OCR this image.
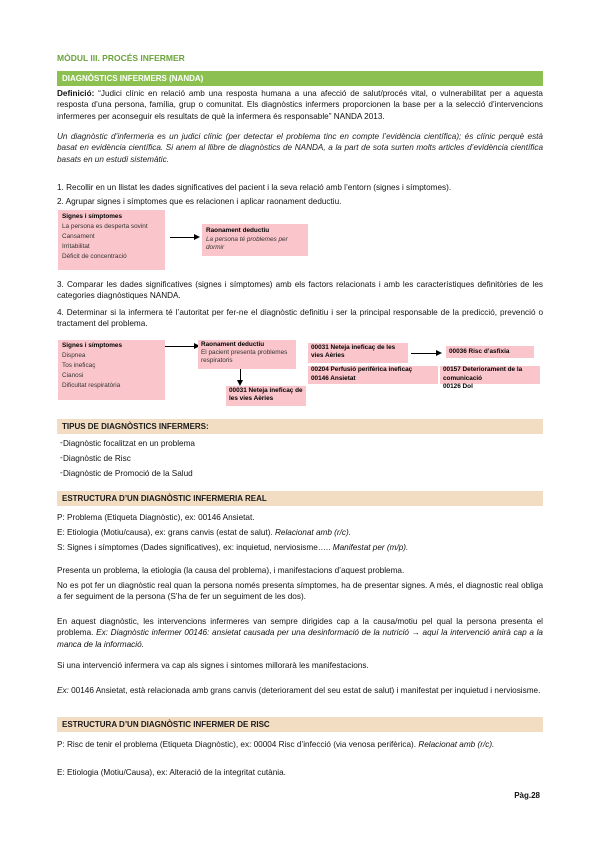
MÒDUL III. PROCÉS INFERMER
DIAGNÒSTICS INFERMERS (NANDA)
Definició: “Judici clínic en relació amb una resposta humana a una afecció de salut/procés vital, o vulnerabilitat per a aquesta resposta d’una persona, família, grup o comunitat. Els diagnòstics infermers proporcionen la base per a la selecció d’intervencions infermeres per aconseguir els resultats de què la infermera és responsable” NANDA 2013.
Un diagnòstic d’infermeria es un judici clínic (per detectar el problema tinc en compte l’evidència científica); és clínic perquè està basat en evidència científica. Si anem al llibre de diagnòstics de NANDA, a la part de sota surten molts articles d’evidència científica basats en un estudi sistemàtic.
1. Recollir en un llistat les dades significatives del pacient i la seva relació amb l’entorn (signes i símptomes).
2. Agrupar signes i símptomes que es relacionen i aplicar raonament deductiu.
Signes i símptomes
La persona es desperta sovint
Cansament
Irritabilitat
Dèficit de concentració
Raonament deductiu
La persona té problemes per dormir
3. Comparar les dades significatives (signes i símptomes) amb els factors relacionats i amb les característiques definitòries de les categories diagnòstiques NANDA.
4. Determinar si la infermera té l’autoritat per fer-ne el diagnòstic definitiu i ser la principal responsable de la predicció, prevenció o tractament del problema.
Signes i símptomes
Dispnea
Tos ineficaç
Cianosi
Dificultat respiratòria
Raonament deductiu
El pacient presenta problemes respiratoris
00031 Neteja ineficaç de les vies Aèries
00031 Neteja ineficaç de les vies Aèries
00036 Risc d’asfixia
00204 Perfusió perifèrica ineficaç
00146 Ansietat
00157 Deteriorament de la comunicació
00126 Dol
TIPUS DE DIAGNÒSTICS INFERMERS:
- Diagnòstic focalitzat en un problema
- Diagnòstic de Risc
- Diagnòstic de Promoció de la Salud
ESTRUCTURA D’UN DIAGNÒSTIC INFERMERIA REAL
P: Problema (Etiqueta Diagnòstic), ex: 00146 Ansietat.
E: Etiologia (Motiu/causa), ex: grans canvis (estat de salut). Relacionat amb (r/c).
S: Signes i símptomes (Dades significatives), ex: inquietud, nerviosisme….. Manifestat per (m/p).
Presenta un problema, la etiologia (la causa del problema), i manifestacions d’aquest problema.
No es pot fer un diagnòstic real quan la persona només presenta símptomes, ha de presentar signes. A més, el diagnostic real obliga a fer seguiment de la persona (S’ha de fer un seguiment de les dos).
En aquest diagnòstic, les intervencions infermeres van sempre dirigides cap a la causa/motiu pel qual la persona presenta el problema. Ex: Diagnòstic infermer 00146: ansietat causada per una desinformació de la nutrició → aquí la intervenció anirà cap a la manca de la informació.
Si una intervenció infermera va cap als signes i sintomes millorarà les manifestacions.
Ex: 00146 Ansietat, està relacionada amb grans canvis (deteriorament del seu estat de salut) i manifestat per inquietud i nerviosisme.
ESTRUCTURA D’UN DIAGNÒSTIC INFERMER DE RISC
P: Risc de tenir el problema (Etiqueta Diagnòstic), ex: 00004 Risc d’infecció (via venosa perifèrica). Relacionat amb (r/c).
E: Etiologia (Motiu/Causa), ex: Alteració de la integritat cutània.
Pàg.28
